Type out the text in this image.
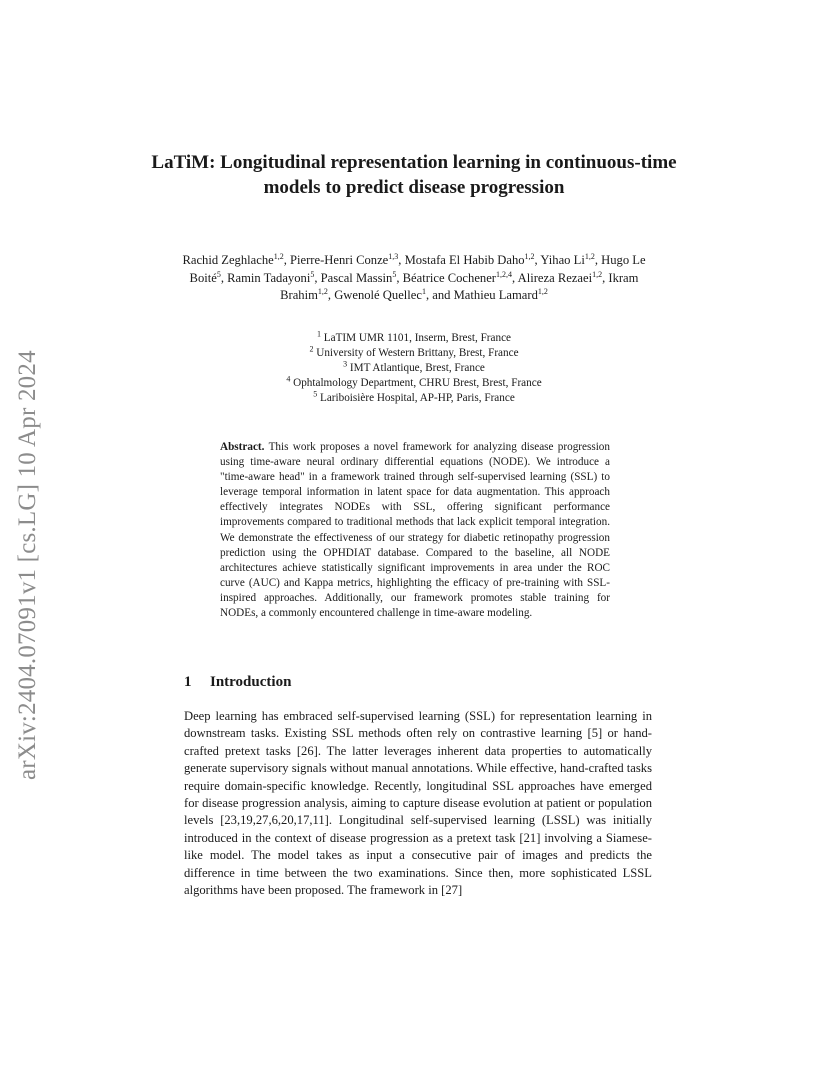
arXiv:2404.07091v1 [cs.LG] 10 Apr 2024
LaTiM: Longitudinal representation learning in continuous-time models to predict disease progression
Rachid Zeghlache$^{1,2}$, Pierre-Henri Conze$^{1,3}$, Mostafa El Habib Daho$^{1,2}$, Yihao Li$^{1,2}$, Hugo Le Boité$^5$, Ramin Tadayoni$^5$, Pascal Massin$^5$, Béatrice Cochener$^{1,2,4}$, Alireza Rezaei$^{1,2}$, Ikram Brahim$^{1,2}$, Gwenolé Quellec$^1$, and Mathieu Lamard$^{1,2}$
$^1$ LaTIM UMR 1101, Inserm, Brest, France
$^2$ University of Western Brittany, Brest, France
$^3$ IMT Atlantique, Brest, France
$^4$ Ophtalmology Department, CHRU Brest, Brest, France
$^5$ Lariboisière Hospital, AP-HP, Paris, France
Abstract. This work proposes a novel framework for analyzing disease progression using time-aware neural ordinary differential equations (NODE). We introduce a "time-aware head" in a framework trained through self-supervised learning (SSL) to leverage temporal information in latent space for data augmentation. This approach effectively integrates NODEs with SSL, offering significant performance improvements compared to traditional methods that lack explicit temporal integration. We demonstrate the effectiveness of our strategy for diabetic retinopathy progression prediction using the OPHDIAT database. Compared to the baseline, all NODE architectures achieve statistically significant improvements in area under the ROC curve (AUC) and Kappa metrics, highlighting the efficacy of pre-training with SSL-inspired approaches. Additionally, our framework promotes stable training for NODEs, a commonly encountered challenge in time-aware modeling.
1 Introduction
Deep learning has embraced self-supervised learning (SSL) for representation learning in downstream tasks. Existing SSL methods often rely on contrastive learning [5] or hand-crafted pretext tasks [26]. The latter leverages inherent data properties to automatically generate supervisory signals without manual annotations. While effective, hand-crafted tasks require domain-specific knowledge. Recently, longitudinal SSL approaches have emerged for disease progression analysis, aiming to capture disease evolution at patient or population levels [23,19,27,6,20,17,11]. Longitudinal self-supervised learning (LSSL) was initially introduced in the context of disease progression as a pretext task [21] involving a Siamese-like model. The model takes as input a consecutive pair of images and predicts the difference in time between the two examinations. Since then, more sophisticated LSSL algorithms have been proposed. The framework in [27]
